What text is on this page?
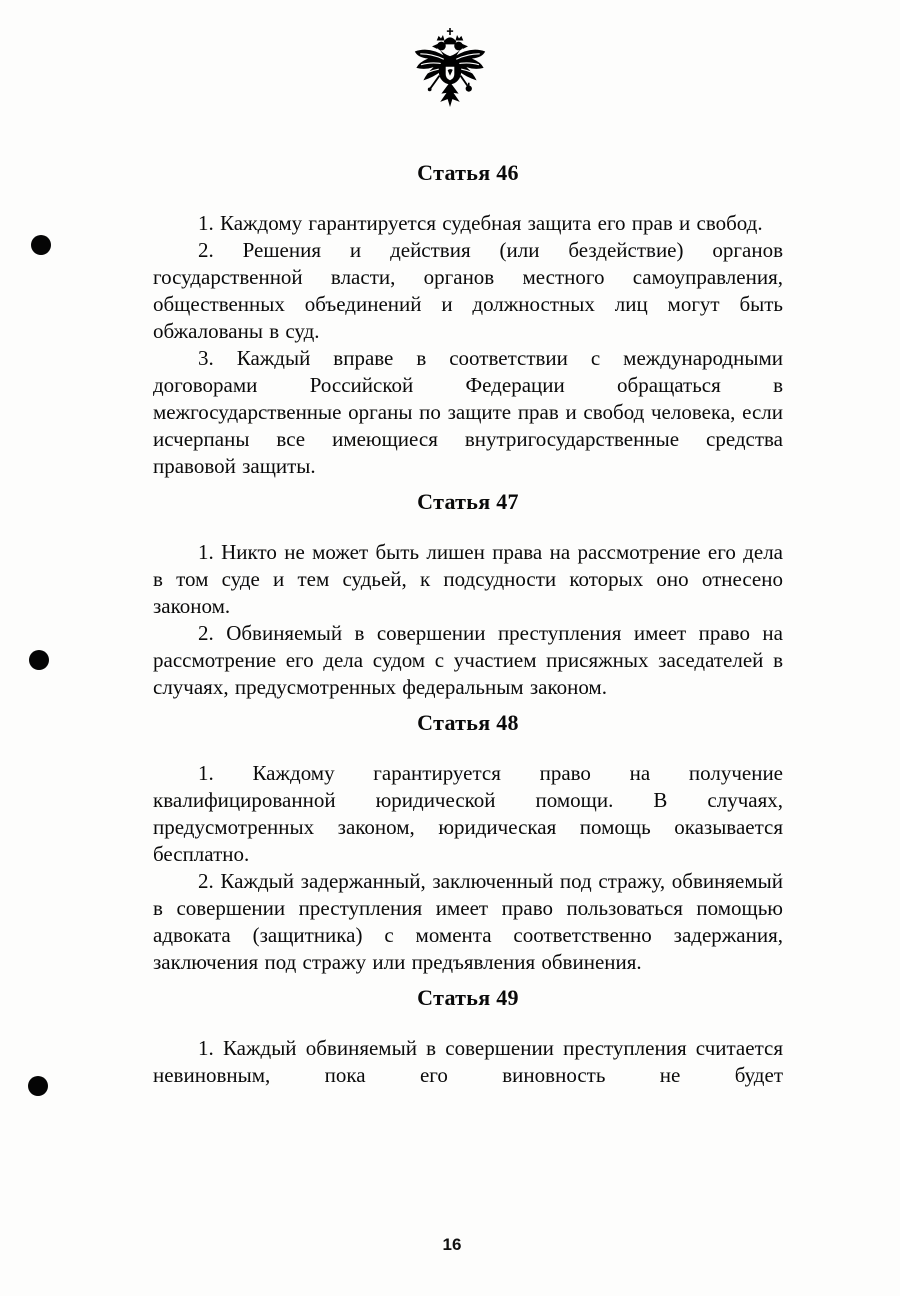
Статья 46

1. Каждому гарантируется судебная защита его прав и свобод.

2. Решения и действия (или бездействие) органов государственной власти, органов местного самоуправления, общественных объединений и должностных лиц могут быть обжалованы в суд.

3. Каждый вправе в соответствии с международными договорами Российской Федерации обращаться в межгосударственные органы по защите прав и свобод человека, если исчерпаны все имеющиеся внутригосударственные средства правовой защиты.

Статья 47

1. Никто не может быть лишен права на рассмотрение его дела в том суде и тем судьей, к подсудности которых оно отнесено законом.

2. Обвиняемый в совершении преступления имеет право на рассмотрение его дела судом с участием присяжных заседателей в случаях, предусмотренных федеральным законом.

Статья 48

1. Каждому гарантируется право на получение квалифицированной юридической помощи. В случаях, предусмотренных законом, юридическая помощь оказывается бесплатно.

2. Каждый задержанный, заключенный под стражу, обвиняемый в совершении преступления имеет право пользоваться помощью адвоката (защитника) с момента соответственно задержания, заключения под стражу или предъявления обвинения.

Статья 49

1. Каждый обвиняемый в совершении преступления считается невиновным, пока его виновность не будет

16
